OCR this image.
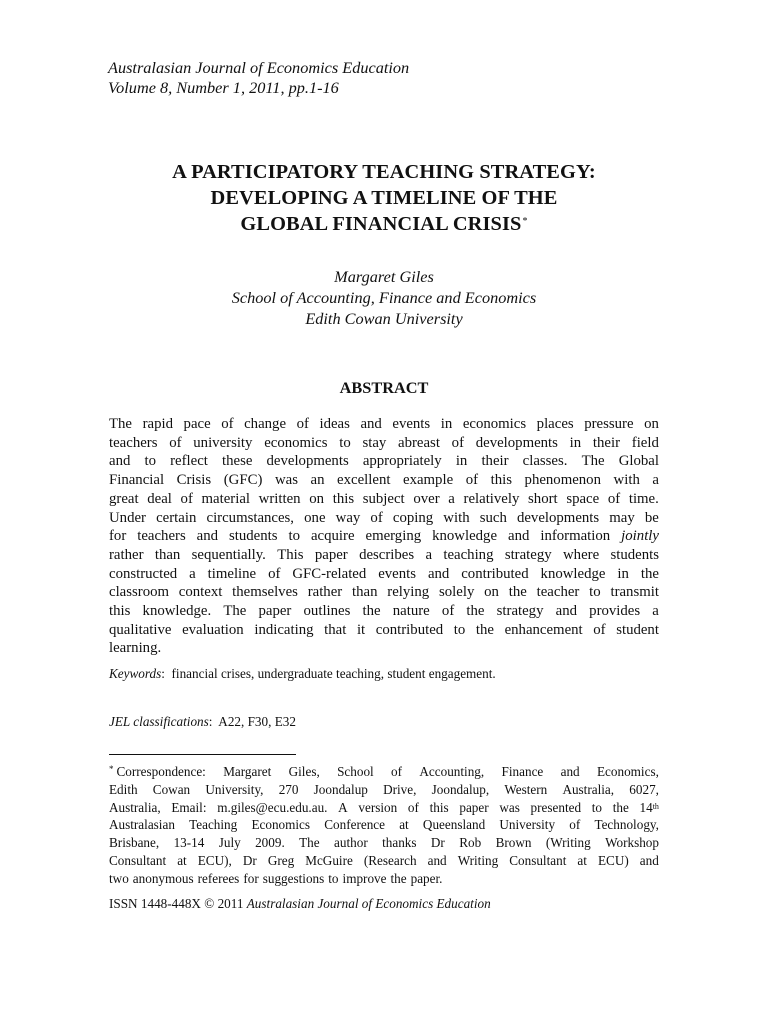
Australasian Journal of Economics Education
Volume 8, Number 1, 2011, pp.1-16
A PARTICIPATORY TEACHING STRATEGY:
DEVELOPING A TIMELINE OF THE
GLOBAL FINANCIAL CRISIS*
Margaret Giles
School of Accounting, Finance and Economics
Edith Cowan University
ABSTRACT
The rapid pace of change of ideas and events in economics places pressure on
teachers of university economics to stay abreast of developments in their field
and to reflect these developments appropriately in their classes. The Global
Financial Crisis (GFC) was an excellent example of this phenomenon with a
great deal of material written on this subject over a relatively short space of time.
Under certain circumstances, one way of coping with such developments may be
for teachers and students to acquire emerging knowledge and information jointly
rather than sequentially. This paper describes a teaching strategy where students
constructed a timeline of GFC-related events and contributed knowledge in the
classroom context themselves rather than relying solely on the teacher to transmit
this knowledge. The paper outlines the nature of the strategy and provides a
qualitative evaluation indicating that it contributed to the enhancement of student
learning.
Keywords:  financial crises, undergraduate teaching, student engagement.
JEL classifications:  A22, F30, E32
* Correspondence: Margaret Giles, School of Accounting, Finance and Economics,
Edith Cowan University, 270 Joondalup Drive, Joondalup, Western Australia, 6027,
Australia, Email: m.giles@ecu.edu.au. A version of this paper was presented to the 14th
Australasian Teaching Economics Conference at Queensland University of Technology,
Brisbane, 13-14 July 2009. The author thanks Dr Rob Brown (Writing Workshop
Consultant at ECU), Dr Greg McGuire (Research and Writing Consultant at ECU) and
two anonymous referees for suggestions to improve the paper.
ISSN 1448-448X © 2011 Australasian Journal of Economics Education
